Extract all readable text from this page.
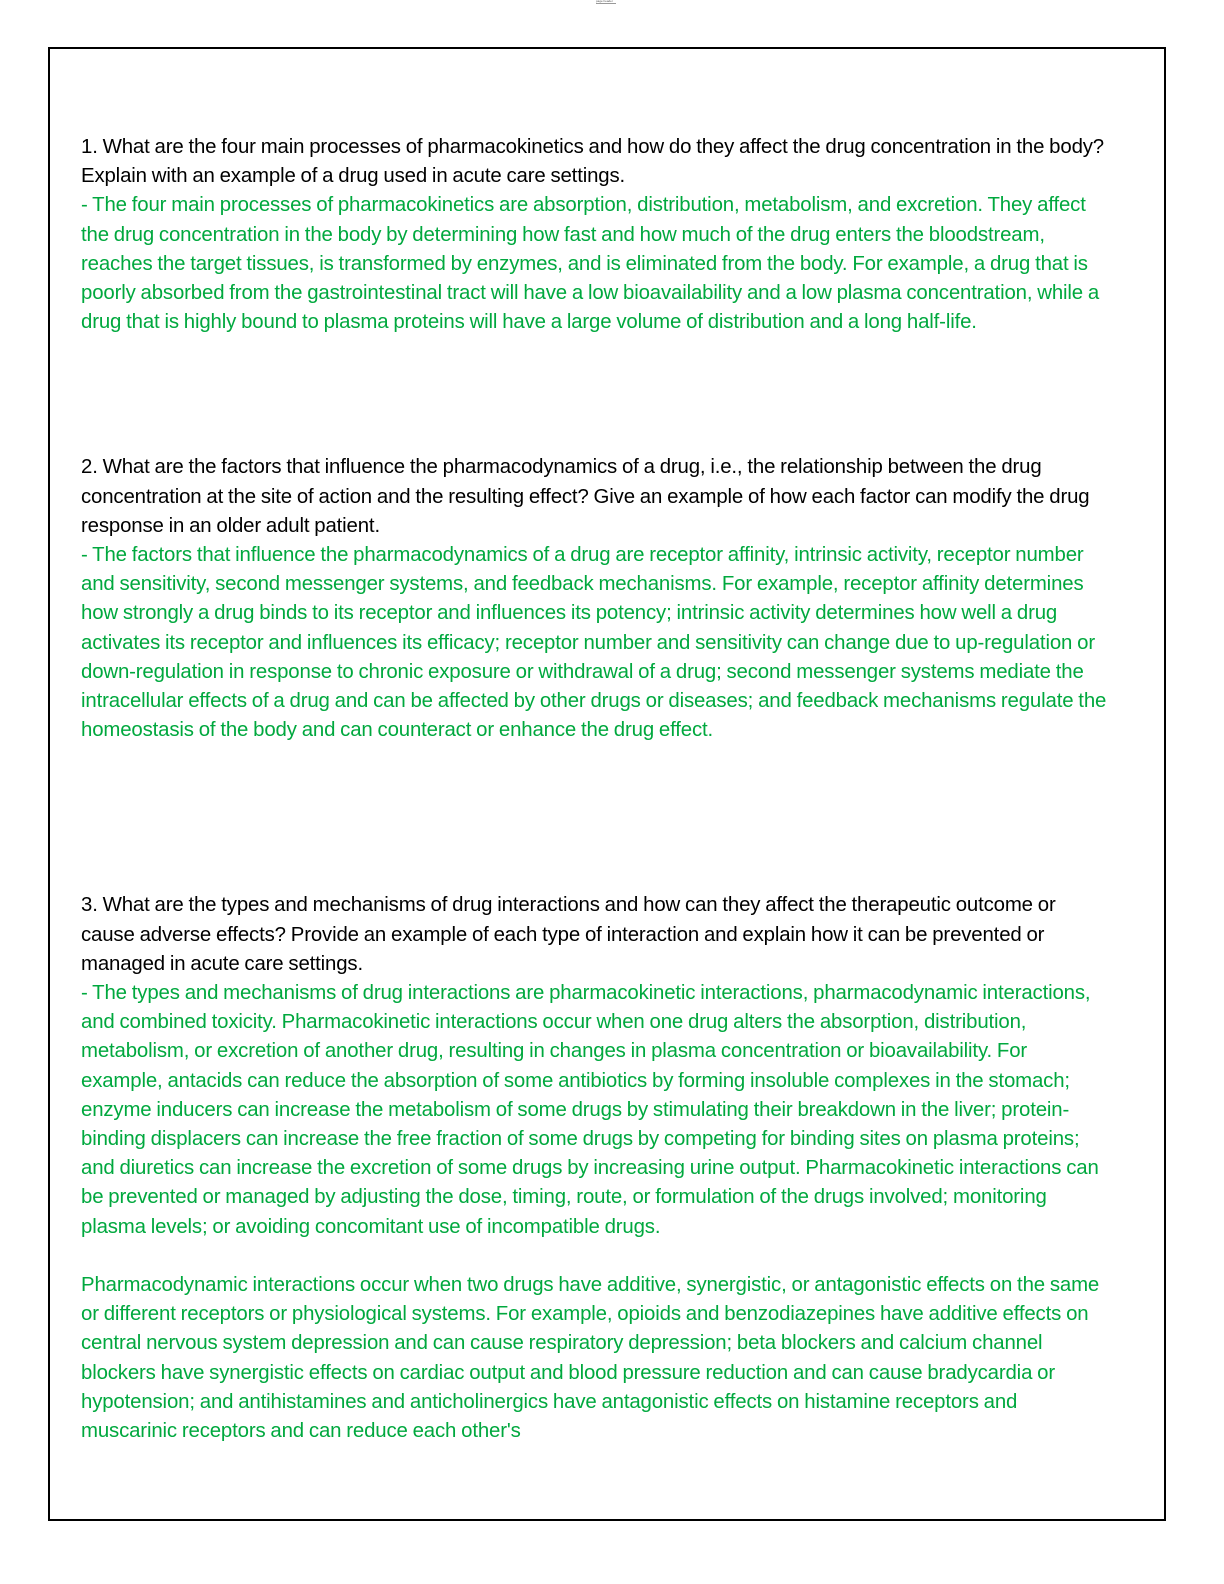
page header

1. What are the four main processes of pharmacokinetics and how do they affect the drug concentration in the body? Explain with an example of a drug used in acute care settings.

- The four main processes of pharmacokinetics are absorption, distribution, metabolism, and excretion. They affect the drug concentration in the body by determining how fast and how much of the drug enters the bloodstream, reaches the target tissues, is transformed by enzymes, and is eliminated from the body. For example, a drug that is poorly absorbed from the gastrointestinal tract will have a low bioavailability and a low plasma concentration, while a drug that is highly bound to plasma proteins will have a large volume of distribution and a long half-life.

2. What are the factors that influence the pharmacodynamics of a drug, i.e., the relationship between the drug concentration at the site of action and the resulting effect? Give an example of how each factor can modify the drug response in an older adult patient.

- The factors that influence the pharmacodynamics of a drug are receptor affinity, intrinsic activity, receptor number and sensitivity, second messenger systems, and feedback mechanisms. For example, receptor affinity determines how strongly a drug binds to its receptor and influences its potency; intrinsic activity determines how well a drug activates its receptor and influences its efficacy; receptor number and sensitivity can change due to up-regulation or down-regulation in response to chronic exposure or withdrawal of a drug; second messenger systems mediate the intracellular effects of a drug and can be affected by other drugs or diseases; and feedback mechanisms regulate the homeostasis of the body and can counteract or enhance the drug effect.

3. What are the types and mechanisms of drug interactions and how can they affect the therapeutic outcome or cause adverse effects? Provide an example of each type of interaction and explain how it can be prevented or managed in acute care settings.

- The types and mechanisms of drug interactions are pharmacokinetic interactions, pharmacodynamic interactions, and combined toxicity. Pharmacokinetic interactions occur when one drug alters the absorption, distribution, metabolism, or excretion of another drug, resulting in changes in plasma concentration or bioavailability. For example, antacids can reduce the absorption of some antibiotics by forming insoluble complexes in the stomach; enzyme inducers can increase the metabolism of some drugs by stimulating their breakdown in the liver; protein-binding displacers can increase the free fraction of some drugs by competing for binding sites on plasma proteins; and diuretics can increase the excretion of some drugs by increasing urine output. Pharmacokinetic interactions can be prevented or managed by adjusting the dose, timing, route, or formulation of the drugs involved; monitoring plasma levels; or avoiding concomitant use of incompatible drugs.

Pharmacodynamic interactions occur when two drugs have additive, synergistic, or antagonistic effects on the same or different receptors or physiological systems. For example, opioids and benzodiazepines have additive effects on central nervous system depression and can cause respiratory depression; beta blockers and calcium channel blockers have synergistic effects on cardiac output and blood pressure reduction and can cause bradycardia or hypotension; and antihistamines and anticholinergics have antagonistic effects on histamine receptors and muscarinic receptors and can reduce each other's
